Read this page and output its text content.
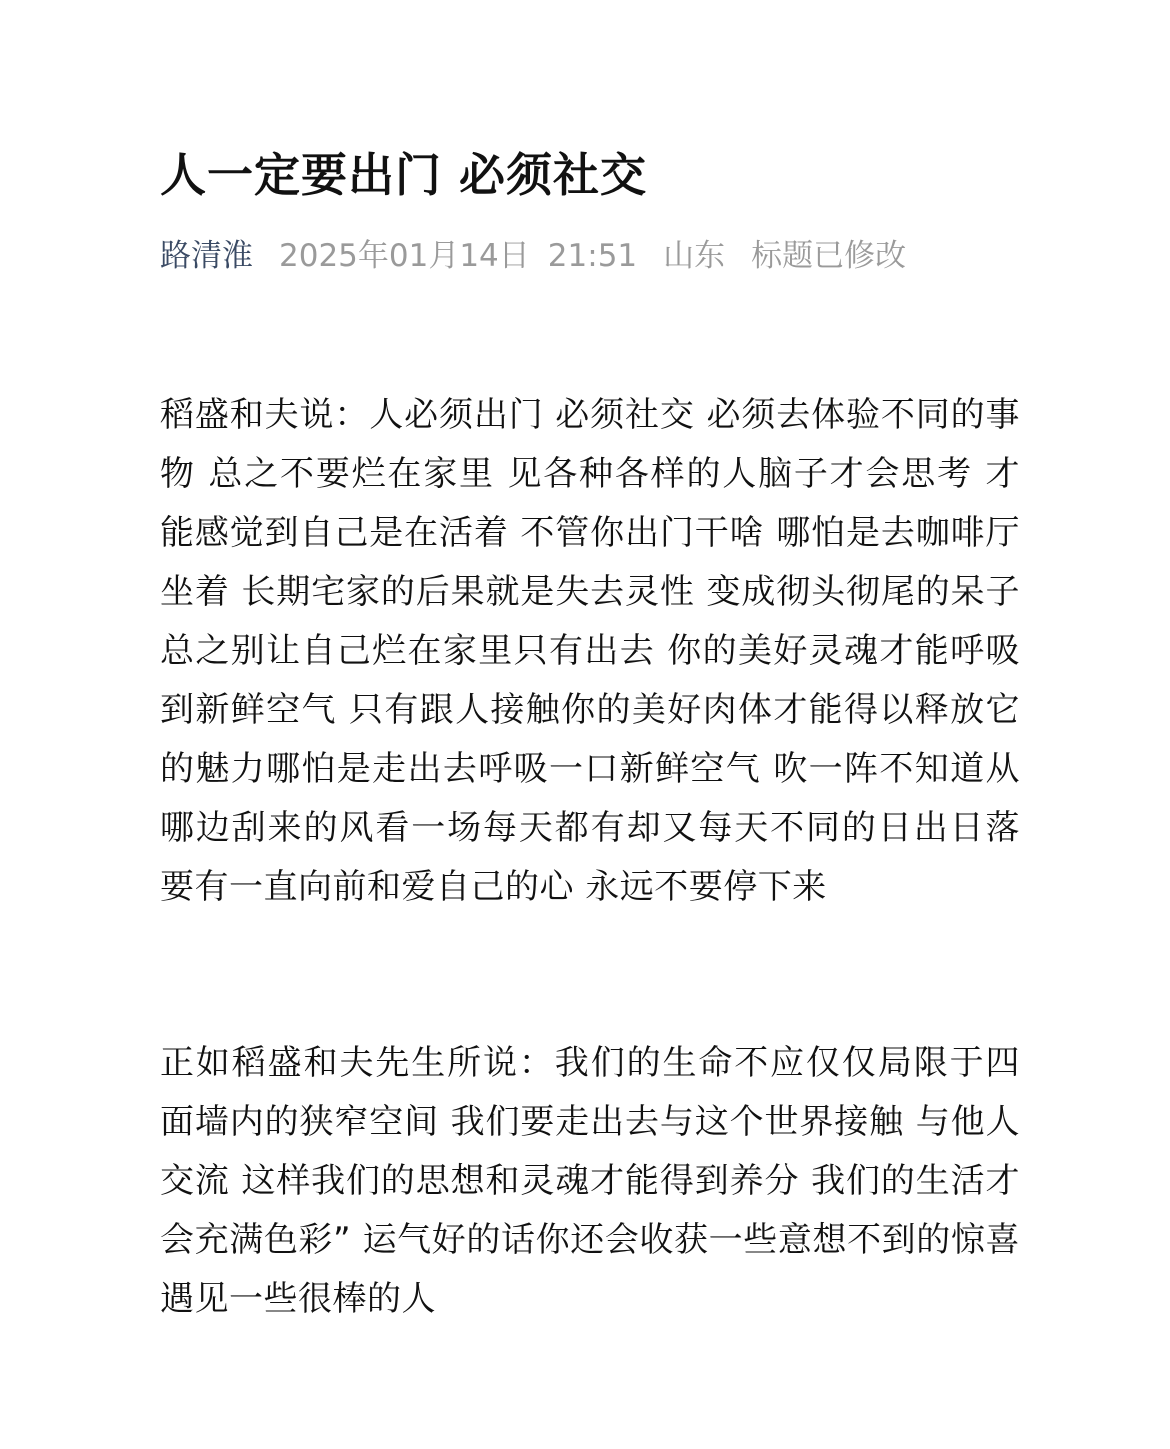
人一定要出门 必须社交
路清淮 2025年01月14日 21:51 山东 标题已修改

稻盛和夫说：人必须出门 必须社交 必须去体验不同的事物 总之不要烂在家里 见各种各样的人脑子才会思考 才能感觉到自己是在活着 不管你出门干啥 哪怕是去咖啡厅坐着 长期宅家的后果就是失去灵性 变成彻头彻尾的呆子 总之别让自己烂在家里只有出去 你的美好灵魂才能呼吸到新鲜空气 只有跟人接触你的美好肉体才能得以释放它的魅力哪怕是走出去呼吸一口新鲜空气 吹一阵不知道从哪边刮来的风看一场每天都有却又每天不同的日出日落要有一直向前和爱自己的心 永远不要停下来

正如稻盛和夫先生所说：我们的生命不应仅仅局限于四面墙内的狭窄空间 我们要走出去与这个世界接触 与他人交流 这样我们的思想和灵魂才能得到养分 我们的生活才会充满色彩” 运气好的话你还会收获一些意想不到的惊喜 遇见一些很棒的人
